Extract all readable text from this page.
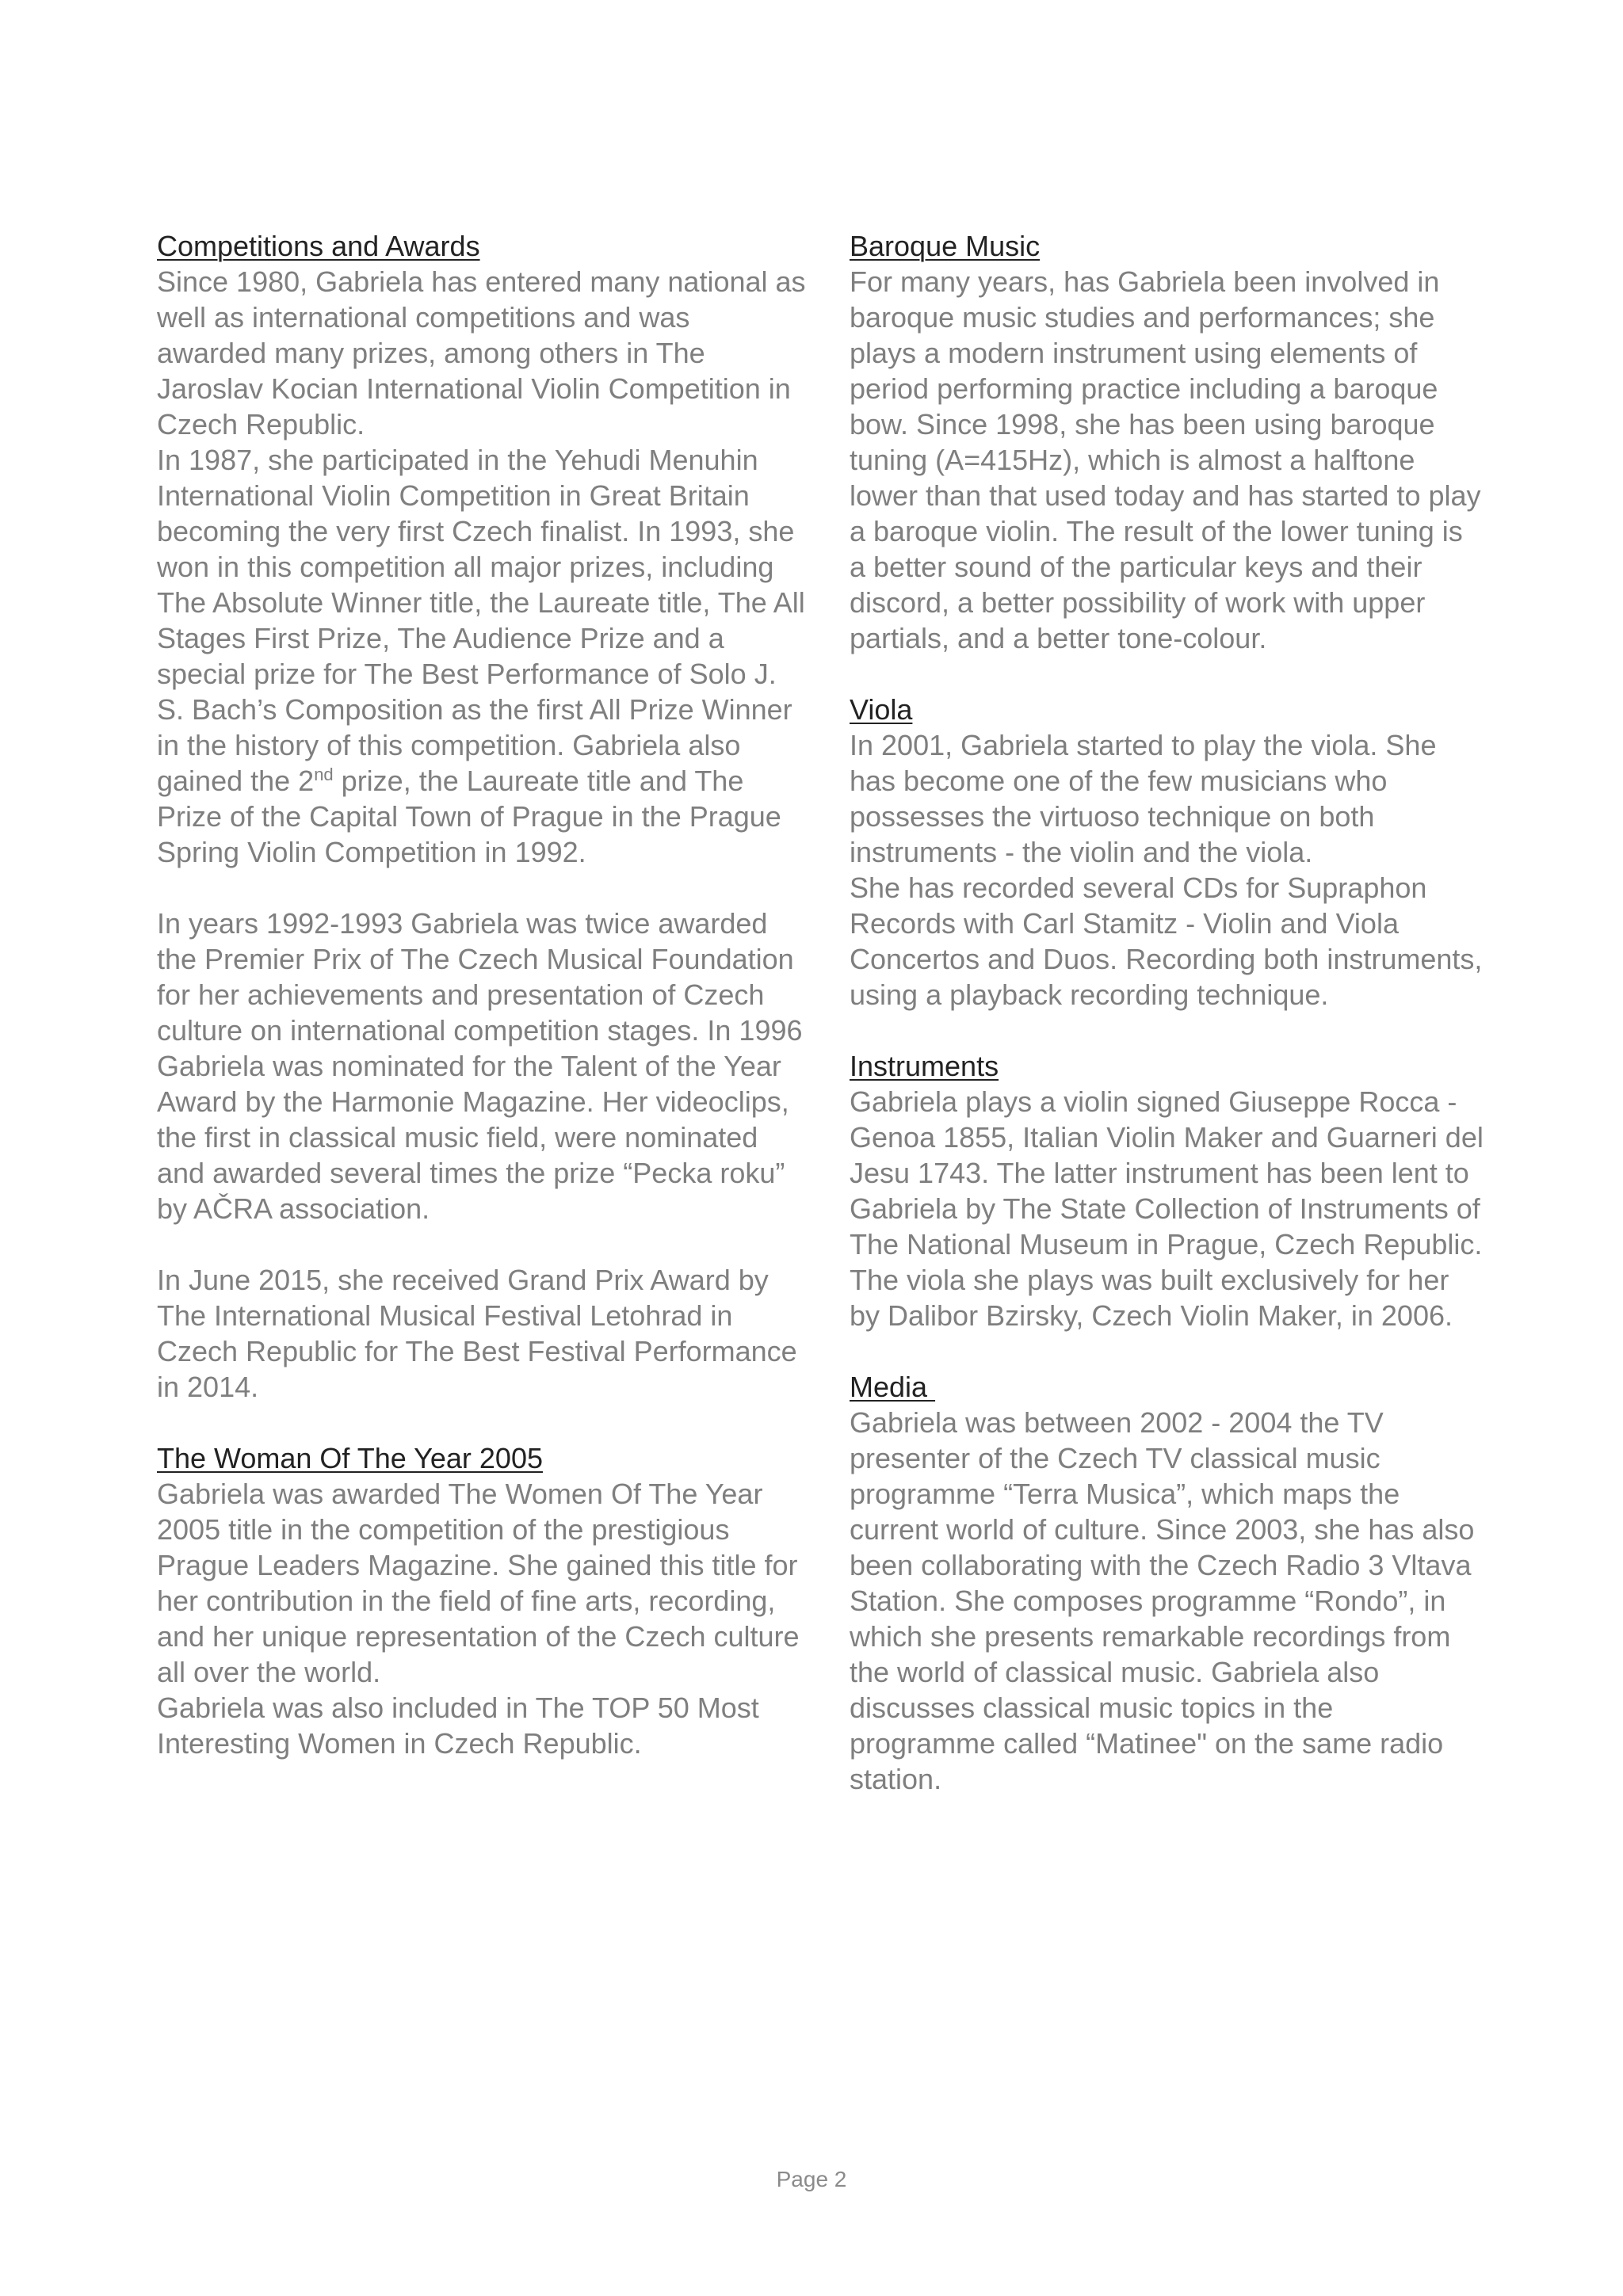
Competitions and Awards

Since 1980, Gabriela has entered many national as well as international competitions and was awarded many prizes, among others in The Jaroslav Kocian International Violin Competition in Czech Republic.

In 1987, she participated in the Yehudi Menuhin International Violin Competition in Great Britain becoming the very first Czech finalist. In 1993, she won in this competition all major prizes, including The Absolute Winner title, the Laureate title, The All Stages First Prize, The Audience Prize and a special prize for The Best Performance of Solo J. S. Bach’s Composition as the first All Prize Winner in the history of this competition. Gabriela also gained the 2nd prize, the Laureate title and The Prize of the Capital Town of Prague in the Prague Spring Violin Competition in 1992.

In years 1992-1993 Gabriela was twice awarded the Premier Prix of The Czech Musical Foundation for her achievements and presentation of Czech culture on international competition stages. In 1996 Gabriela was nominated for the Talent of the Year Award by the Harmonie Magazine. Her videoclips, the first in classical music field, were nominated and awarded several times the prize “Pecka roku” by AČRA association.

In June 2015, she received Grand Prix Award by The International Musical Festival Letohrad in Czech Republic for The Best Festival Performance in 2014.

The Woman Of The Year 2005

Gabriela was awarded The Women Of The Year 2005 title in the competition of the prestigious Prague Leaders Magazine. She gained this title for her contribution in the field of fine arts, recording, and her unique representation of the Czech culture all over the world.

Gabriela was also included in The TOP 50 Most Interesting Women in Czech Republic.

Baroque Music

For many years, has Gabriela been involved in baroque music studies and performances; she plays a modern instrument using elements of period performing practice including a baroque bow. Since 1998, she has been using baroque tuning (A=415Hz), which is almost a halftone lower than that used today and has started to play a baroque violin. The result of the lower tuning is a better sound of the particular keys and their discord, a better possibility of work with upper partials, and a better tone-colour.

Viola

In 2001, Gabriela started to play the viola. She has become one of the few musicians who possesses the virtuoso technique on both instruments - the violin and the viola.

She has recorded several CDs for Supraphon Records with Carl Stamitz - Violin and Viola Concertos and Duos. Recording both instruments, using a playback recording technique.

Instruments

Gabriela plays a violin signed Giuseppe Rocca - Genoa 1855, Italian Violin Maker and Guarneri del Jesu 1743. The latter instrument has been lent to Gabriela by The State Collection of Instruments of The National Museum in Prague, Czech Republic. The viola she plays was built exclusively for her by Dalibor Bzirsky, Czech Violin Maker, in 2006.

Media

Gabriela was between 2002 - 2004 the TV presenter of the Czech TV classical music programme “Terra Musica”, which maps the current world of culture. Since 2003, she has also been collaborating with the Czech Radio 3 Vltava Station. She composes programme “Rondo”, in which she presents remarkable recordings from the world of classical music. Gabriela also discusses classical music topics in the programme called “Matinee" on the same radio station.

Page 2
